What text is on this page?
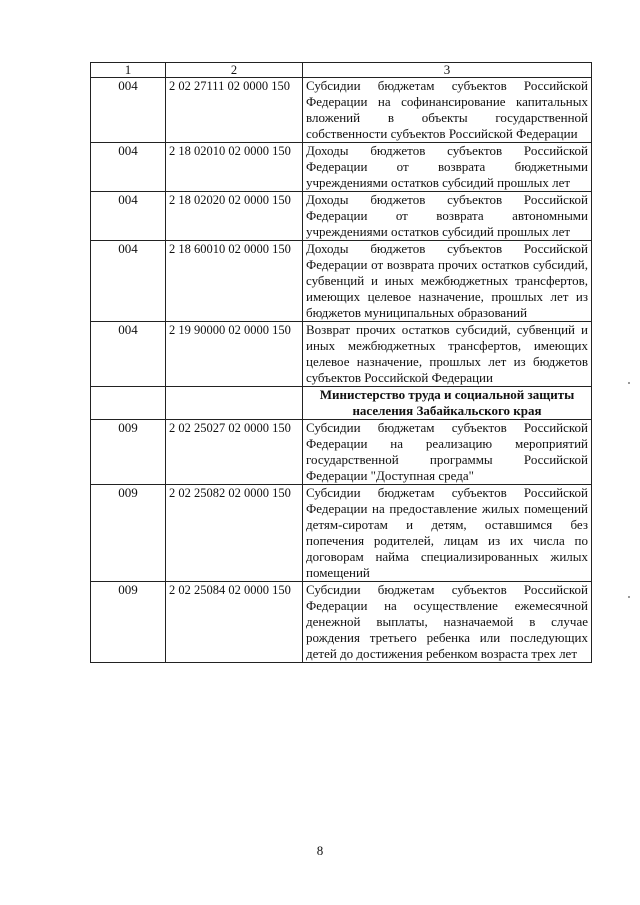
1	2	3
004	2 02 27111 02 0000 150	Субсидии бюджетам субъектов Российской Федерации на софинансирование капитальных вложений в объекты государственной собственности субъектов Российской Федерации
004	2 18 02010 02 0000 150	Доходы бюджетов субъектов Российской Федерации от возврата бюджетными учреждениями остатков субсидий прошлых лет
004	2 18 02020 02 0000 150	Доходы бюджетов субъектов Российской Федерации от возврата автономными учреждениями остатков субсидий прошлых лет
004	2 18 60010 02 0000 150	Доходы бюджетов субъектов Российской Федерации от возврата прочих остатков субсидий, субвенций и иных межбюджетных трансфертов, имеющих целевое назначение, прошлых лет из бюджетов муниципальных образований
004	2 19 90000 02 0000 150	Возврат прочих остатков субсидий, субвенций и иных межбюджетных трансфертов, имеющих целевое назначение, прошлых лет из бюджетов субъектов Российской Федерации
		Министерство труда и социальной защиты населения Забайкальского края
009	2 02 25027 02 0000 150	Субсидии бюджетам субъектов Российской Федерации на реализацию мероприятий государственной программы Российской Федерации "Доступная среда"
009	2 02 25082 02 0000 150	Субсидии бюджетам субъектов Российской Федерации на предоставление жилых помещений детям-сиротам и детям, оставшимся без попечения родителей, лицам из их числа по договорам найма специализированных жилых помещений
009	2 02 25084 02 0000 150	Субсидии бюджетам субъектов Российской Федерации на осуществление ежемесячной денежной выплаты, назначаемой в случае рождения третьего ребенка или последующих детей до достижения ребенком возраста трех лет
8
